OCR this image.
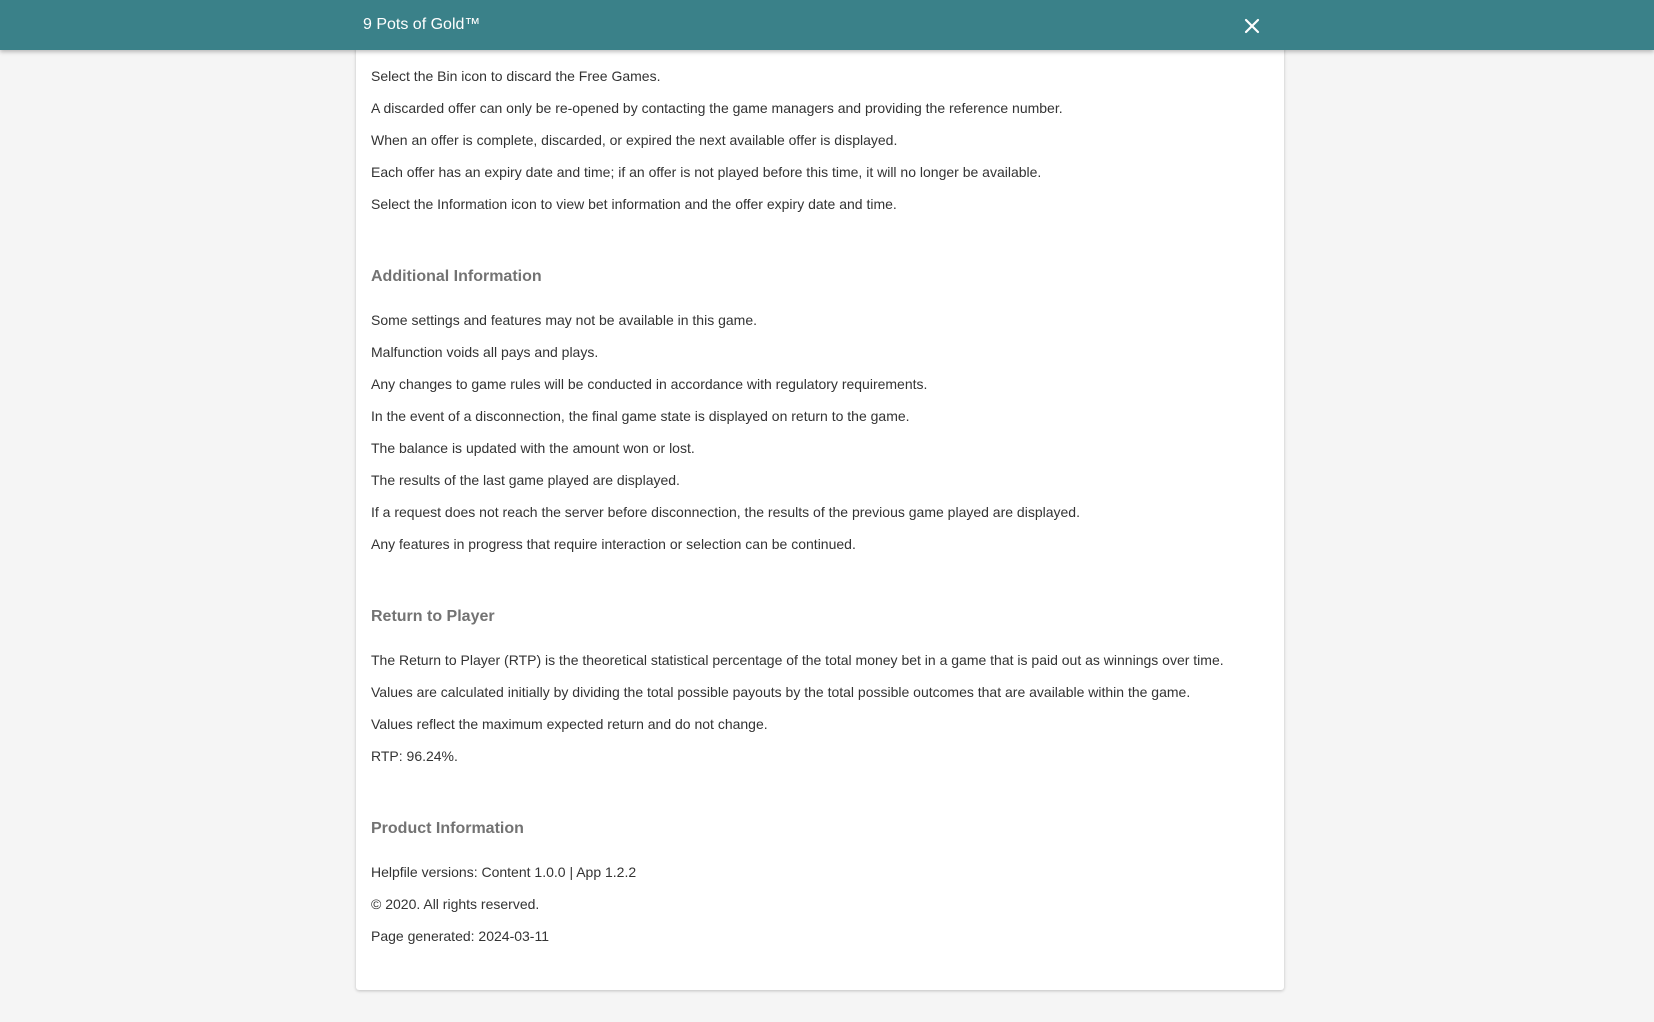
Select the Bin icon to discard the Free Games.
A discarded offer can only be re-opened by contacting the game managers and providing the reference number.
When an offer is complete, discarded, or expired the next available offer is displayed.
Each offer has an expiry date and time; if an offer is not played before this time, it will no longer be available.
Select the Information icon to view bet information and the offer expiry date and time.
Additional Information
Some settings and features may not be available in this game.
Malfunction voids all pays and plays.
Any changes to game rules will be conducted in accordance with regulatory requirements.
In the event of a disconnection, the final game state is displayed on return to the game.
The balance is updated with the amount won or lost.
The results of the last game played are displayed.
If a request does not reach the server before disconnection, the results of the previous game played are displayed.
Any features in progress that require interaction or selection can be continued.
Return to Player
The Return to Player (RTP) is the theoretical statistical percentage of the total money bet in a game that is paid out as winnings over time.
Values are calculated initially by dividing the total possible payouts by the total possible outcomes that are available within the game.
Values reflect the maximum expected return and do not change.
RTP: 96.24%.
Product Information
Helpfile versions: Content 1.0.0 | App 1.2.2
© 2020. All rights reserved.
Page generated: 2024-03-11
9 Pots of Gold™
